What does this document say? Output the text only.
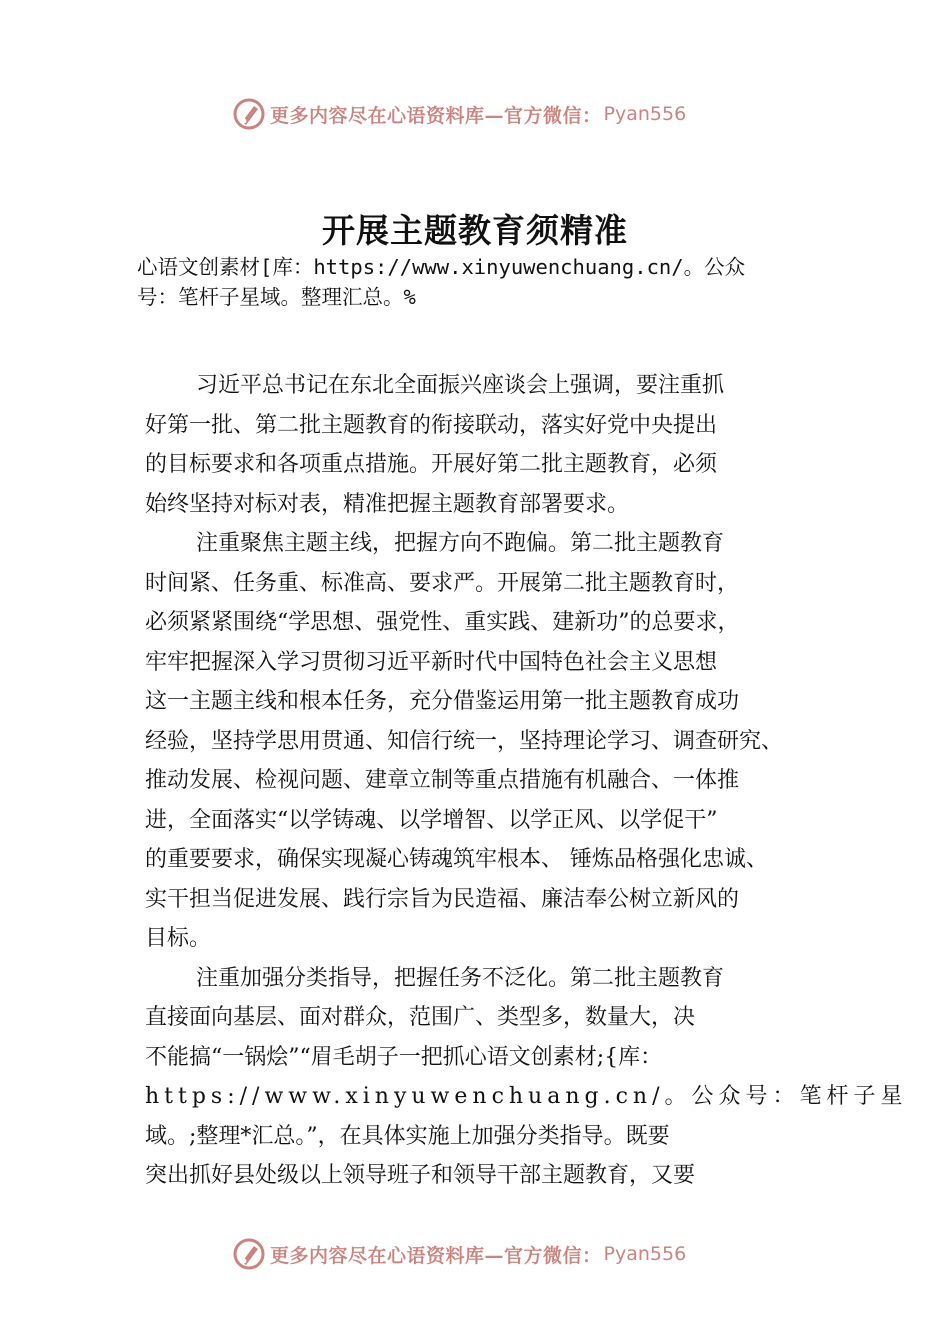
更多内容尽在心语资料库—官方微信： Pyan556
开展主题教育须精准
心语文创素材[库：https://www.xinyuwenchuang.cn/。公众
号：笔杆子星域。整理汇总。%
习近平总书记在东北全面振兴座谈会上强调，要注重抓
好第一批、第二批主题教育的衔接联动，落实好党中央提出
的目标要求和各项重点措施。开展好第二批主题教育，必须
始终坚持对标对表，精准把握主题教育部署要求。
注重聚焦主题主线，把握方向不跑偏。第二批主题教育
时间紧、任务重、标准高、要求严。开展第二批主题教育时，
必须紧紧围绕“学思想、强党性、重实践、建新功”的总要求，
牢牢把握深入学习贯彻习近平新时代中国特色社会主义思想
这一主题主线和根本任务，充分借鉴运用第一批主题教育成功
经验，坚持学思用贯通、知信行统一，坚持理论学习、调查研究、
推动发展、检视问题、建章立制等重点措施有机融合、一体推
进，全面落实“以学铸魂、以学增智、以学正风、以学促干”
的重要要求，确保实现凝心铸魂筑牢根本、 锤炼品格强化忠诚、
实干担当促进发展、践行宗旨为民造福、廉洁奉公树立新风的
目标。
注重加强分类指导，把握任务不泛化。第二批主题教育
直接面向基层、面对群众，范围广、类型多，数量大，决
不能搞“一锅烩”“眉毛胡子一把抓心语文创素材;{库：
https://www.xinyuwenchuang.cn/。公众号：笔杆子星
域。;整理*汇总。”，在具体实施上加强分类指导。既要
突出抓好县处级以上领导班子和领导干部主题教育，又要
更多内容尽在心语资料库—官方微信： Pyan556
